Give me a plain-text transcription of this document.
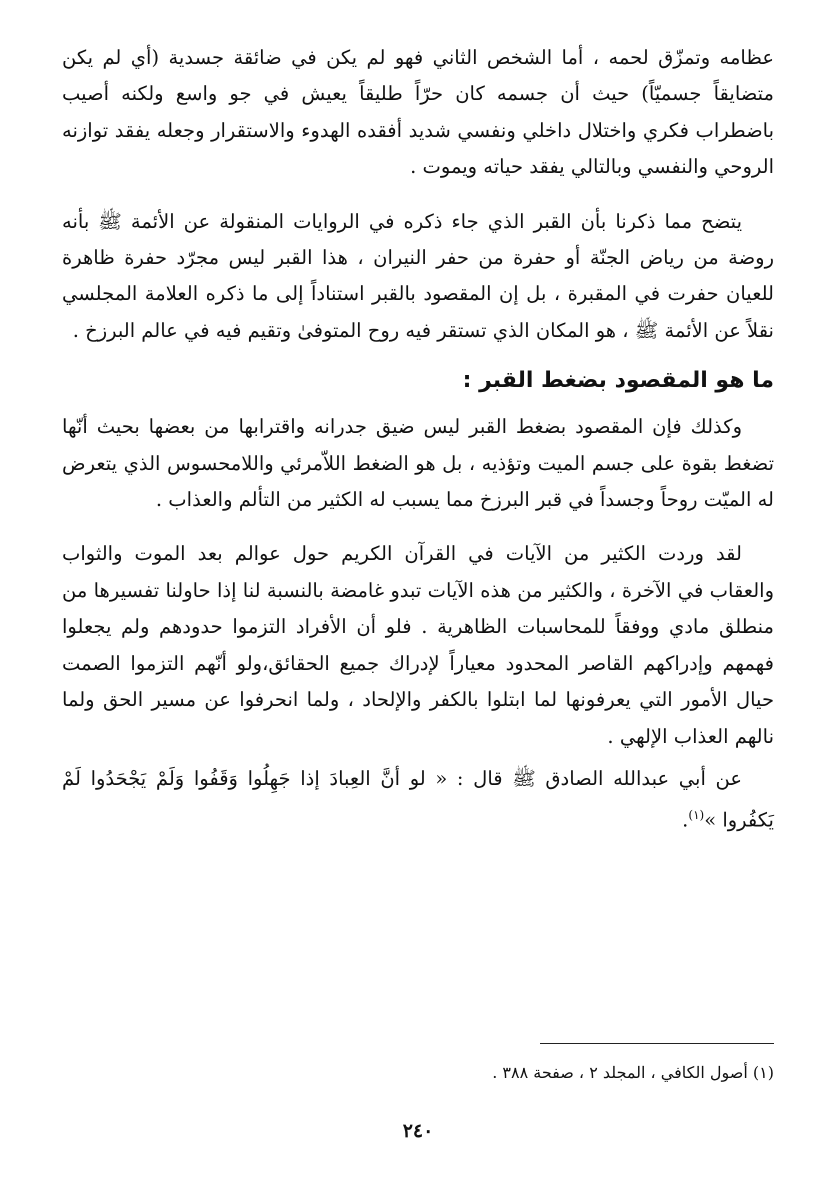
عظامه وتمزّق لحمه ، أما الشخص الثاني فهو لم يكن في ضائقة جسدية (أي لم يكن متضايقاً جسميّاً) حيث أن جسمه كان حرّاً طليقاً يعيش في جو واسع ولكنه أصيب باضطراب فكري واختلال داخلي ونفسي شديد أفقده الهدوء والاستقرار وجعله يفقد توازنه الروحي والنفسي وبالتالي يفقد حياته ويموت .

يتضح مما ذكرنا بأن القبر الذي جاء ذكره في الروايات المنقولة عن الأئمة ﷺ بأنه روضة من رياض الجنّة أو حفرة من حفر النيران ، هذا القبر ليس مجرّد حفرة ظاهرة للعيان حفرت في المقبرة ، بل إن المقصود بالقبر استناداً إلى ما ذكره العلامة المجلسي نقلاً عن الأئمة ﷺ ، هو المكان الذي تستقر فيه روح المتوفىٰ وتقيم فيه في عالم البرزخ .

ما هو المقصود بضغط القبر :

وكذلك فإن المقصود بضغط القبر ليس ضيق جدرانه واقترابها من بعضها بحيث أنّها تضغط بقوة على جسم الميت وتؤذيه ، بل هو الضغط اللاّمرئي واللامحسوس الذي يتعرض له الميّت روحاً وجسداً في قبر البرزخ مما يسبب له الكثير من التألم والعذاب .

لقد وردت الكثير من الآيات في القرآن الكريم حول عوالم بعد الموت والثواب والعقاب في الآخرة ، والكثير من هذه الآيات تبدو غامضة بالنسبة لنا إذا حاولنا تفسيرها من منطلق مادي ووفقاً للمحاسبات الظاهرية . فلو أن الأفراد التزموا حدودهم ولم يجعلوا فهمهم وإدراكهم القاصر المحدود معياراً لإدراك جميع الحقائق،ولو أنّهم التزموا الصمت حيال الأمور التي يعرفونها لما ابتلوا بالكفر والإلحاد ، ولما انحرفوا عن مسير الحق ولما نالهم العذاب الإلهي .

عن أبي عبدالله الصادق ﷺ قال : « لو أنَّ العِبادَ إذا جَهِلُوا وَقَفُوا وَلَمْ يَجْحَدُوا لَمْ يَكفُروا »$^{(١)}$.

(١) أصول الكافي ، المجلد ٢ ، صفحة ٣٨٨ .
٢٤٠
